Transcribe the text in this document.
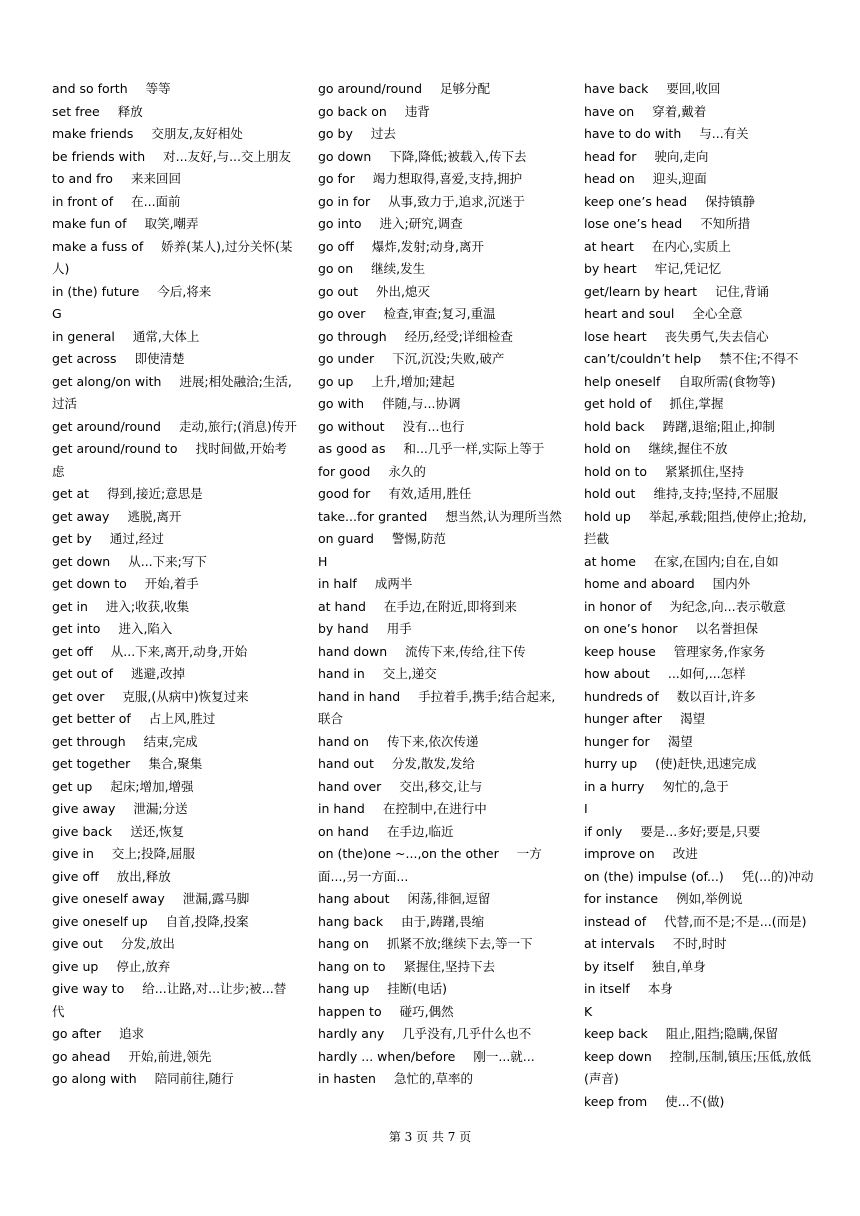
and so forth 等等
set free 释放
make friends 交朋友,友好相处
be friends with 对...友好,与...交上朋友
to and fro 来来回回
in front of 在...面前
make fun of 取笑,嘲弄
make a fuss of 娇养(某人),过分关怀(某人)
in (the) future 今后,将来
G
in general 通常,大体上
get across 即使清楚
get along/on with 进展;相处融洽;生活,过活
get around/round 走动,旅行;(消息)传开
get around/round to 找时间做,开始考虑
get at 得到,接近;意思是
get away 逃脱,离开
get by 通过,经过
get down 从...下来;写下
get down to 开始,着手
get in 进入;收获,收集
get into 进入,陷入
get off 从...下来,离开,动身,开始
get out of 逃避,改掉
get over 克服,(从病中)恢复过来
get better of 占上风,胜过
get through 结束,完成
get together 集合,聚集
get up 起床;增加,增强
give away 泄漏;分送
give back 送还,恢复
give in 交上;投降,屈服
give off 放出,释放
give oneself away 泄漏,露马脚
give oneself up 自首,投降,投案
give out 分发,放出
give up 停止,放弃
give way to 给...让路,对...让步;被...替代
go after 追求
go ahead 开始,前进,领先
go along with 陪同前往,随行
go around/round 足够分配
go back on 违背
go by 过去
go down 下降,降低;被载入,传下去
go for 竭力想取得,喜爱,支持,拥护
go in for 从事,致力于,追求,沉迷于
go into 进入;研究,调查
go off 爆炸,发射;动身,离开
go on 继续,发生
go out 外出,熄灭
go over 检查,审查;复习,重温
go through 经历,经受;详细检查
go under 下沉,沉没;失败,破产
go up 上升,增加;建起
go with 伴随,与...协调
go without 没有...也行
as good as 和...几乎一样,实际上等于
for good 永久的
good for 有效,适用,胜任
take...for granted 想当然,认为理所当然
on guard 警惕,防范
H
in half 成两半
at hand 在手边,在附近,即将到来
by hand 用手
hand down 流传下来,传给,往下传
hand in 交上,递交
hand in hand 手拉着手,携手;结合起来,联合
hand on 传下来,依次传递
hand out 分发,散发,发给
hand over 交出,移交,让与
in hand 在控制中,在进行中
on hand 在手边,临近
on (the)one ~...,on the other 一方面...,另一方面...
hang about 闲荡,徘徊,逗留
hang back 由于,踌躇,畏缩
hang on 抓紧不放;继续下去,等一下
hang on to 紧握住,坚持下去
hang up 挂断(电话)
happen to 碰巧,偶然
hardly any 几乎没有,几乎什么也不
hardly ... when/before 刚一...就...
in hasten 急忙的,草率的
have back 要回,收回
have on 穿着,戴着
have to do with 与...有关
head for 驶向,走向
head on 迎头,迎面
keep one’s head 保持镇静
lose one’s head 不知所措
at heart 在内心,实质上
by heart 牢记,凭记忆
get/learn by heart 记住,背诵
heart and soul 全心全意
lose heart 丧失勇气,失去信心
can’t/couldn’t help 禁不住;不得不
help oneself 自取所需(食物等)
get hold of 抓住,掌握
hold back 踌躇,退缩;阻止,抑制
hold on 继续,握住不放
hold on to 紧紧抓住,坚持
hold out 维持,支持;坚持,不屈服
hold up 举起,承载;阻挡,使停止;抢劫,拦截
at home 在家,在国内;自在,自如
home and aboard 国内外
in honor of 为纪念,向...表示敬意
on one’s honor 以名誉担保
keep house 管理家务,作家务
how about ...如何,...怎样
hundreds of 数以百计,许多
hunger after 渴望
hunger for 渴望
hurry up (使)赶快,迅速完成
in a hurry 匆忙的,急于
I
if only 要是...多好;要是,只要
improve on 改进
on (the) impulse (of...) 凭(...的)冲动
for instance 例如,举例说
instead of 代替,而不是;不是...(而是)
at intervals 不时,时时
by itself 独自,单身
in itself 本身
K
keep back 阻止,阻挡;隐瞒,保留
keep down 控制,压制,镇压;压低,放低(声音)
keep from 使...不(做)
第 3 页 共 7 页
